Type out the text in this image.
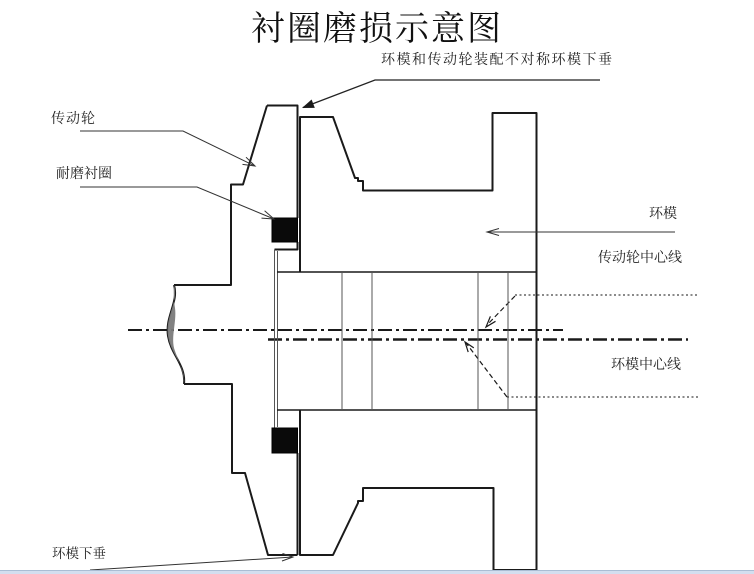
衬圈磨损示意图
环模和传动轮装配不对称环模下垂
传动轮
耐磨衬圈
环模
传动轮中心线
环模中心线
环模下垂
